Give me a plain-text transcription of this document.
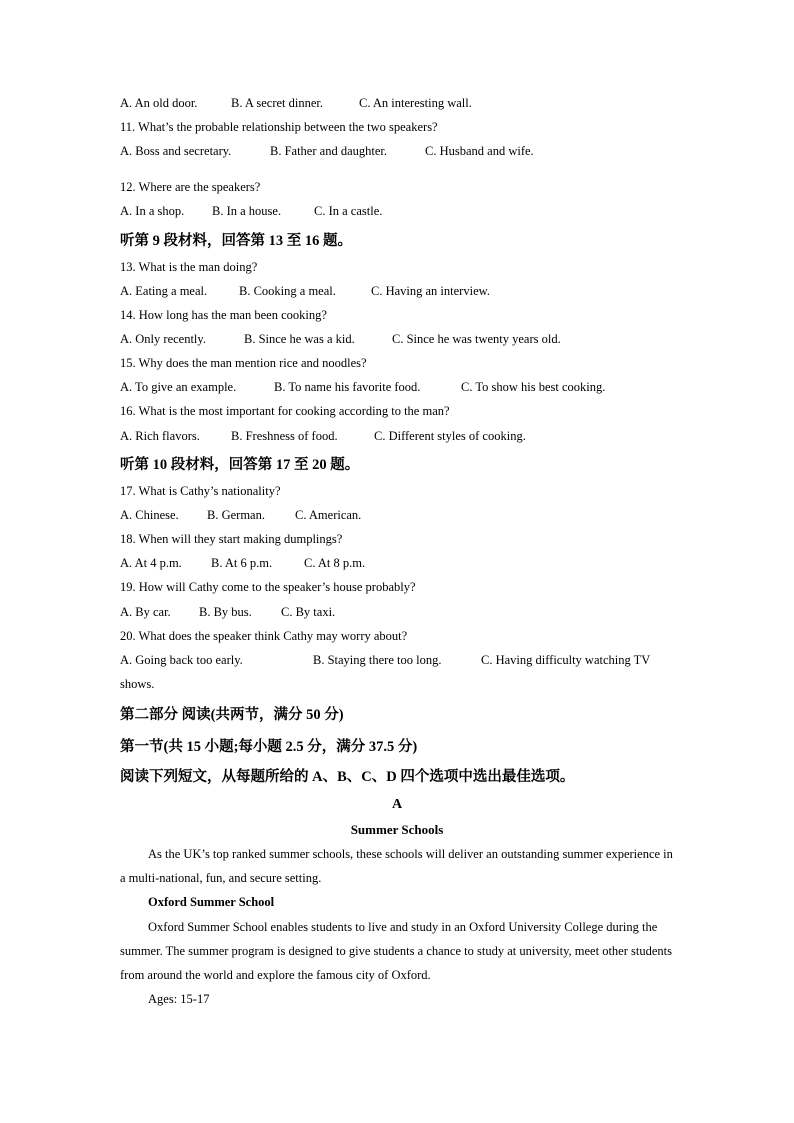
A. An old door.	B. A secret dinner.	C. An interesting wall.
11. What’s the probable relationship between the two speakers?
A. Boss and secretary.	B. Father and daughter.	C. Husband and wife.
12. Where are the speakers?
A. In a shop. B. In a house.	C. In a castle.
听第 9 段材料，回答第 13 至 16 题。
13. What is the man doing?
A. Eating a meal.	B. Cooking a meal.	C. Having an interview.
14. How long has the man been cooking?
A. Only recently.	B. Since he was a kid.	C. Since he was twenty years old.
15. Why does the man mention rice and noodles?
A. To give an example.	B. To name his favorite food.	C. To show his best cooking.
16. What is the most important for cooking according to the man?
A. Rich flavors. B. Freshness of food.	C. Different styles of cooking.
听第 10 段材料，回答第 17 至 20 题。
17. What is Cathy’s nationality?
A. Chinese. B. German. C. American.
18. When will they start making dumplings?
A. At 4 p.m. B. At 6 p.m.	C. At 8 p.m.
19. How will Cathy come to the speaker’s house probably?
A. By car. B. By bus. C. By taxi.
20. What does the speaker think Cathy may worry about?
A. Going back too early.	B. Staying there too long.	C. Having difficulty watching TV
shows.
第二部分 阅读(共两节，满分 50 分)
第一节(共 15 小题;每小题 2.5 分，满分 37.5 分)
阅读下列短文，从每题所给的 A、B、C、D 四个选项中选出最佳选项。
A
Summer Schools
As the UK’s top ranked summer schools, these schools will deliver an outstanding summer experience in a multi-national, fun, and secure setting.
Oxford Summer School
Oxford Summer School enables students to live and study in an Oxford University College during the summer. The summer program is designed to give students a chance to study at university, meet other students from around the world and explore the famous city of Oxford.
Ages: 15-17
